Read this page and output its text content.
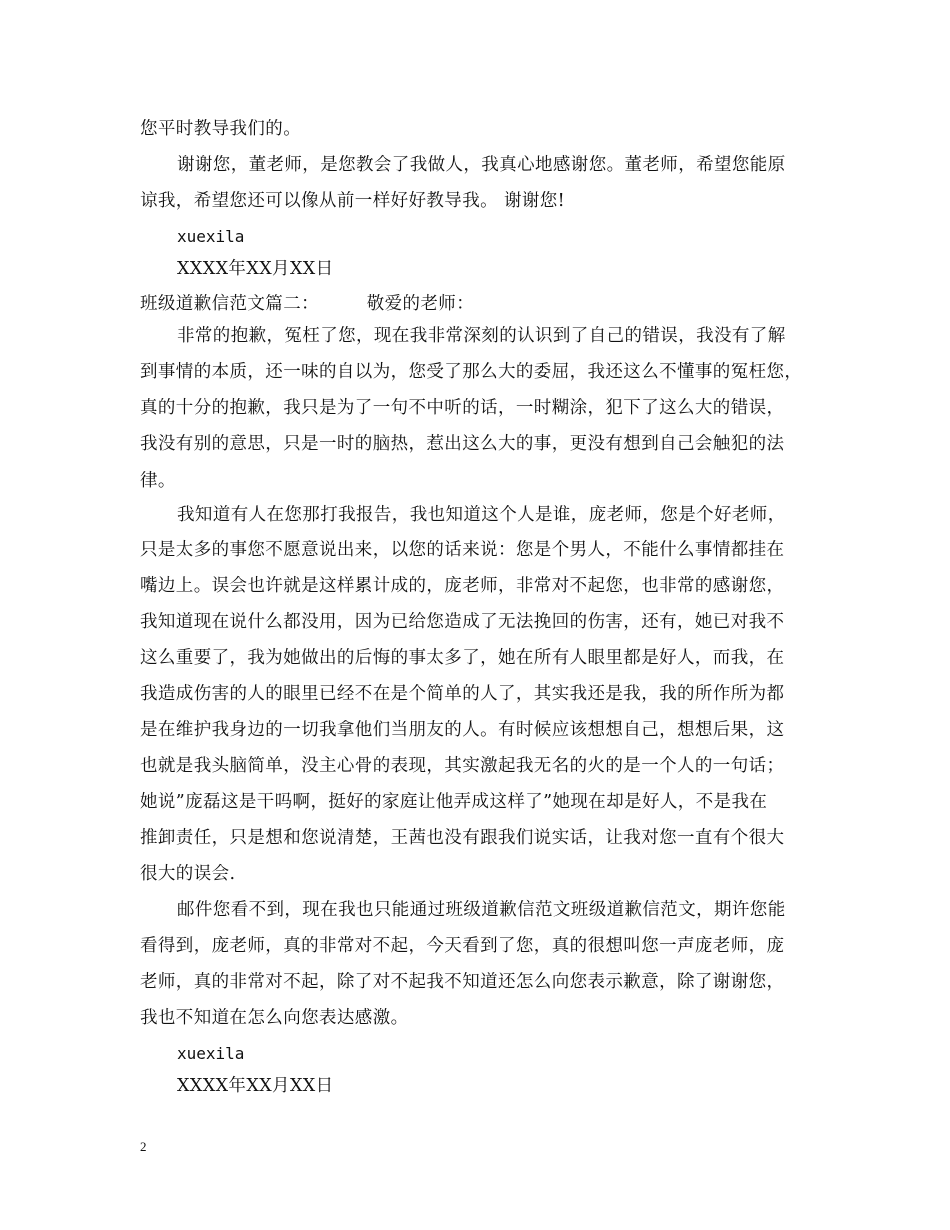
您平时教导我们的。
谢谢您，董老师，是您教会了我做人，我真心地感谢您。董老师，希望您能原
谅我，希望您还可以像从前一样好好教导我。 谢谢您!
xuexila
XXXX年XX月XX日
班级道歉信范文篇二：        敬爱的老师：
非常的抱歉，冤枉了您，现在我非常深刻的认识到了自己的错误，我没有了解
到事情的本质，还一味的自以为，您受了那么大的委屈，我还这么不懂事的冤枉您，
真的十分的抱歉，我只是为了一句不中听的话，一时糊涂，犯下了这么大的错误，
我没有别的意思，只是一时的脑热，惹出这么大的事，更没有想到自己会触犯的法
律。
我知道有人在您那打我报告，我也知道这个人是谁，庞老师，您是个好老师，
只是太多的事您不愿意说出来，以您的话来说：您是个男人，不能什么事情都挂在
嘴边上。误会也许就是这样累计成的，庞老师，非常对不起您，也非常的感谢您，
我知道现在说什么都没用，因为已给您造成了无法挽回的伤害，还有，她已对我不
这么重要了，我为她做出的后悔的事太多了，她在所有人眼里都是好人，而我，在
我造成伤害的人的眼里已经不在是个简单的人了，其实我还是我，我的所作所为都
是在维护我身边的一切我拿他们当朋友的人。有时候应该想想自己，想想后果，这
也就是我头脑简单，没主心骨的表现，其实激起我无名的火的是一个人的一句话；
她说”庞磊这是干吗啊，挺好的家庭让他弄成这样了”她现在却是好人，不是我在
推卸责任，只是想和您说清楚，王茜也没有跟我们说实话，让我对您一直有个很大
很大的误会.
邮件您看不到，现在我也只能通过班级道歉信范文班级道歉信范文，期许您能
看得到，庞老师，真的非常对不起，今天看到了您，真的很想叫您一声庞老师，庞
老师，真的非常对不起，除了对不起我不知道还怎么向您表示歉意，除了谢谢您，
我也不知道在怎么向您表达感激。
xuexila
XXXX年XX月XX日
2
